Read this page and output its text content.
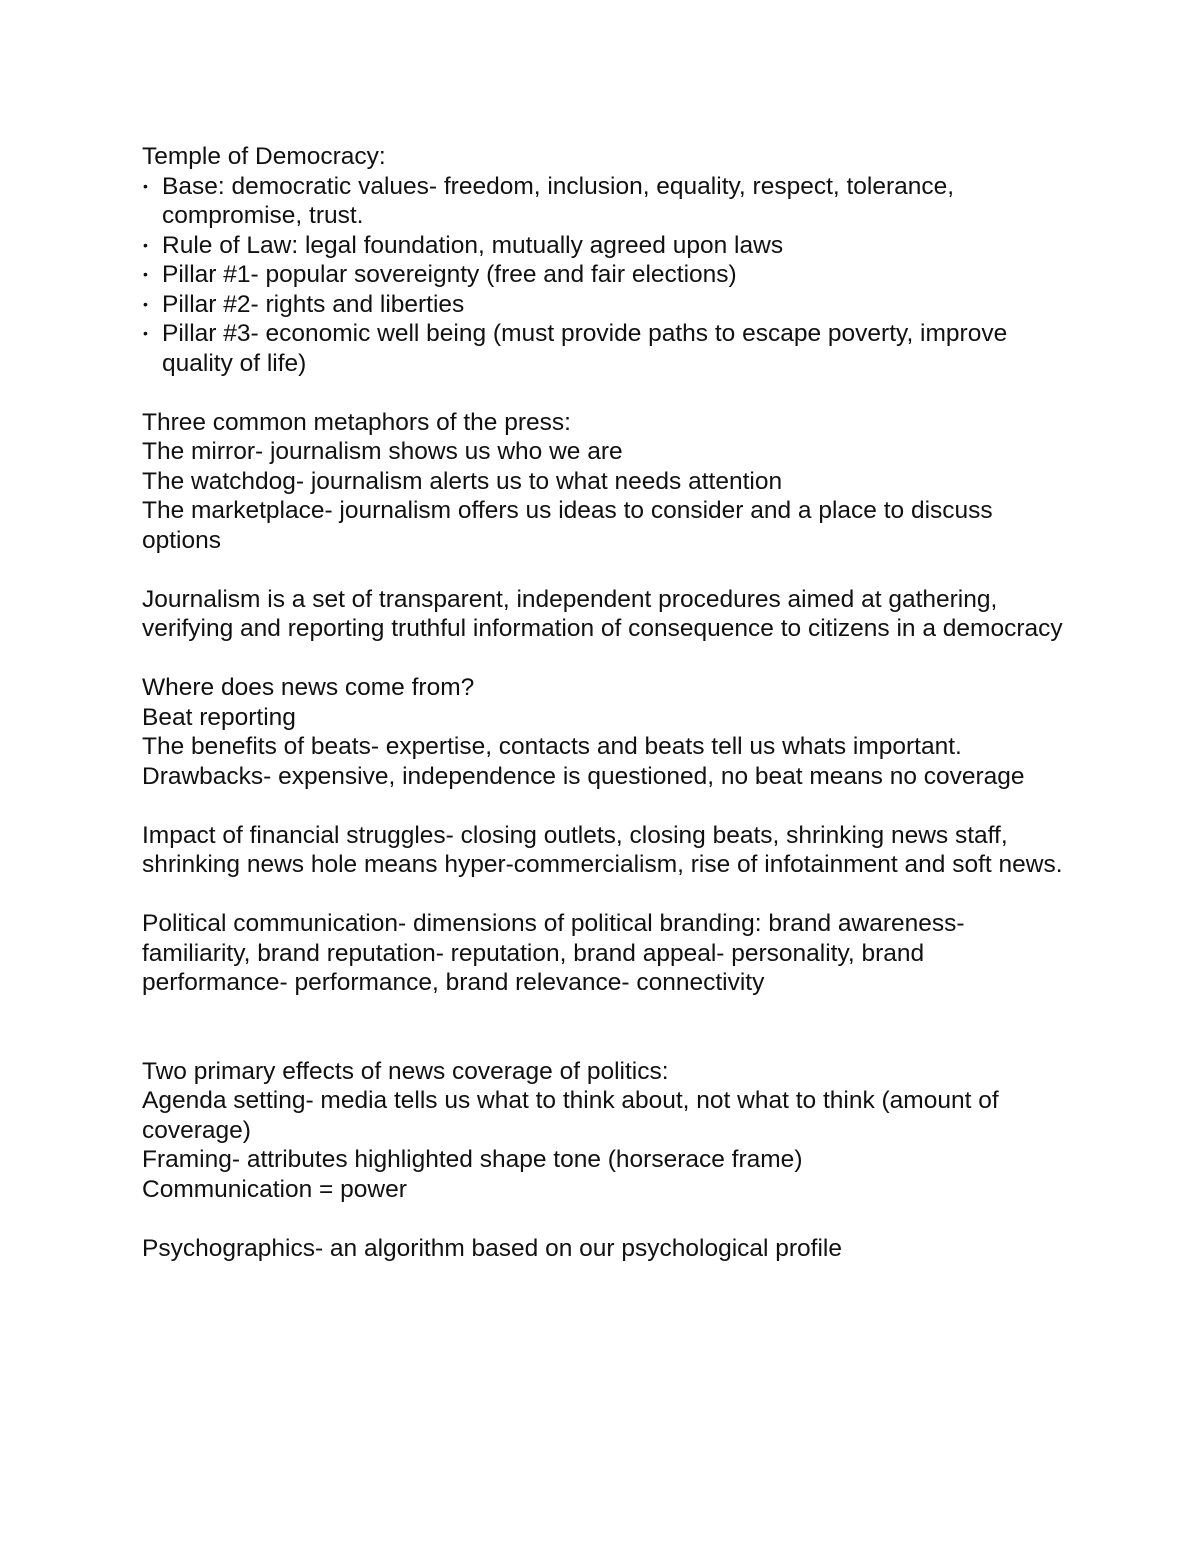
Temple of Democracy:

• Base: democratic values- freedom, inclusion, equality, respect, tolerance, compromise, trust.
• Rule of Law: legal foundation, mutually agreed upon laws
• Pillar #1- popular sovereignty (free and fair elections)
• Pillar #2- rights and liberties
• Pillar #3- economic well being (must provide paths to escape poverty, improve quality of life)

Three common metaphors of the press:

The mirror- journalism shows us who we are

The watchdog- journalism alerts us to what needs attention

The marketplace- journalism offers us ideas to consider and a place to discuss options

Journalism is a set of transparent, independent procedures aimed at gathering, verifying and reporting truthful information of consequence to citizens in a democracy

Where does news come from?

Beat reporting

The benefits of beats- expertise, contacts and beats tell us whats important.

Drawbacks- expensive, independence is questioned, no beat means no coverage

Impact of financial struggles- closing outlets, closing beats, shrinking news staff, shrinking news hole means hyper-commercialism, rise of infotainment and soft news.

Political communication- dimensions of political branding: brand awareness- familiarity, brand reputation- reputation, brand appeal- personality, brand performance- performance, brand relevance- connectivity

Two primary effects of news coverage of politics:

Agenda setting- media tells us what to think about, not what to think (amount of coverage)

Framing- attributes highlighted shape tone (horserace frame)

Communication = power

Psychographics- an algorithm based on our psychological profile
